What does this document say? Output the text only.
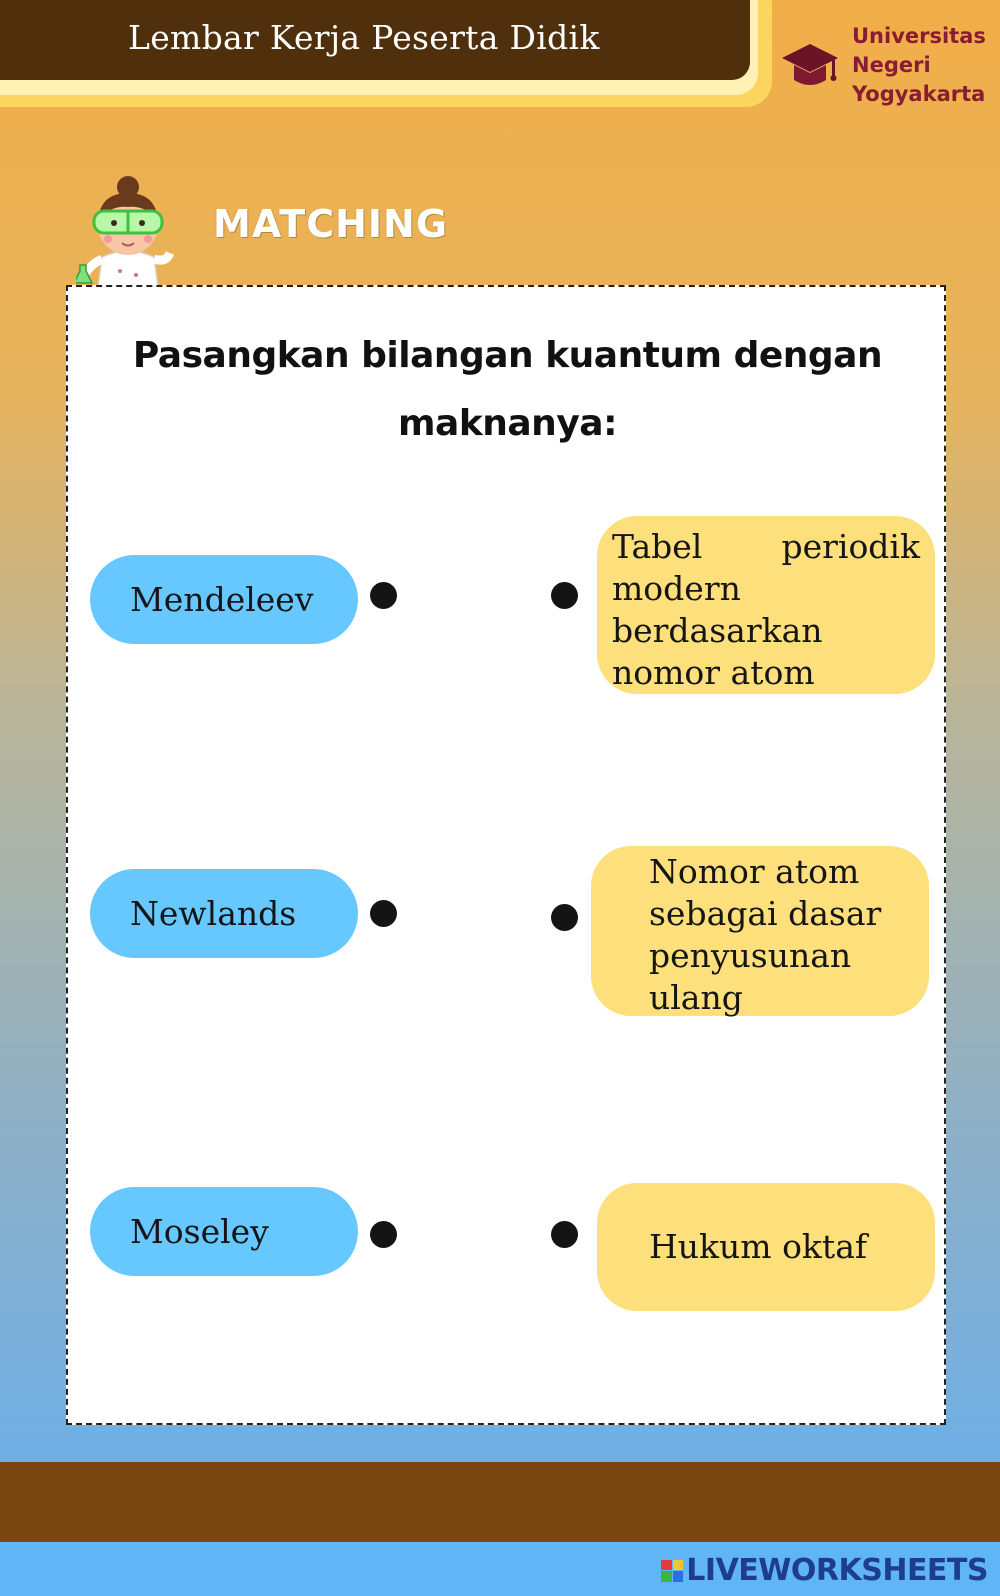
Lembar Kerja Peserta Didik	Universitas
Negeri
Yogyakarta
MATCHING
Pasangkan bilangan kuantum dengan maknanya:
Mendeleev
Newlands
Moseley
Tabel periodik
modern berdasarkan nomor atom
Nomor atom sebagai dasar penyusunan ulang
Hukum oktaf
LIVEWORKSHEETS
